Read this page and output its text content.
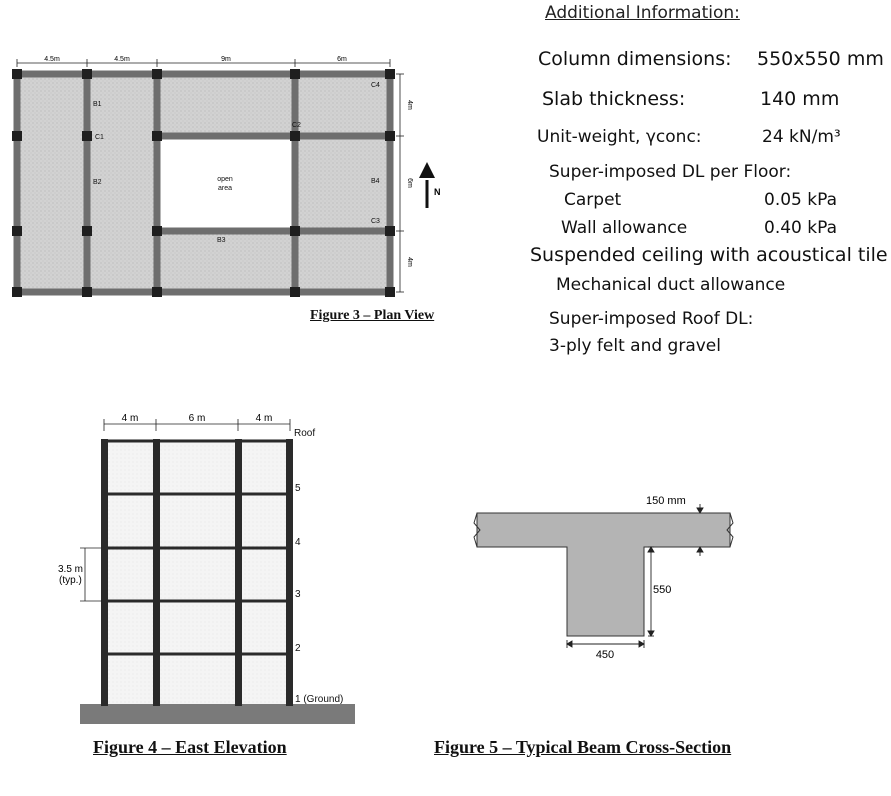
Additional Information:
Column dimensions: 550x550 mm
Slab thickness:	140 mm
Unit-weight, γconc:	24 kN/m³
Super-imposed DL per Floor:
Carpet	0.05 kPa
Wall allowance	0.40 kPa
Suspended ceiling with acoustical tile
Mechanical duct allowance
Super-imposed Roof DL:
3-ply felt and gravel
4.5m	4.5m	9m	6m
4m
6m
4m
B1
C1
B2
C2
B3
B4
C3
C4
open
area	N
Figure 3 – Plan View
4 m	6 m	4 m
Roof
5
4
3
2
1 (Ground)
3.5 m
(typ.)
Figure 4 – East Elevation
150 mm
550
450
Figure 5 – Typical Beam Cross-Section
